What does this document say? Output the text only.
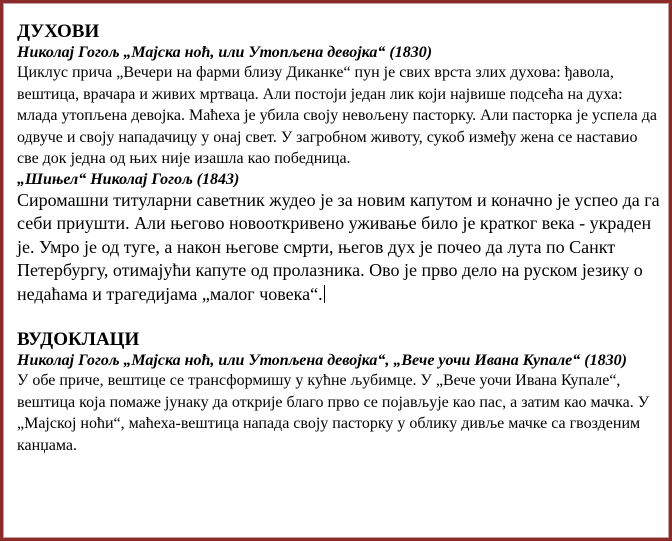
ДУХОВИ

Николај Гогољ „Мајска ноћ, или Утопљена девојка“ (1830)

Циклус прича „Вечери на фарми близу Диканке“ пун је свих врста злих духова: ђавола, вештица, врачара и живих мртваца. Али постоји један лик који највише подсећа на духа: млада утопљена девојка. Маћеха је убила своју невољену пасторку. Али пасторка је успела да одвуче и своју нападачицу у онај свет. У загробном животу, сукоб између жена се наставио све док једна од њих није изашла као победница.

„Шињел“ Николај Гогољ (1843)

Сиромашни титуларни саветник жудео је за новим капутом и коначно је успео да га себи приушти. Али његово новооткривено уживање било је кратког века - украден је. Умро је од туге, а након његове смрти, његов дух је почео да лута по Санкт Петербургу, отимајући капуте од пролазника. Ово је прво дело на руском језику о недаћама и трагедијама „малог човека“.

ВУДОКЛАЦИ

Николај Гогољ „Мајска ноћ, или Утопљена девојка“, „Вече уочи Ивана Купале“ (1830)

У обе приче, вештице се трансформишу у кућне љубимце. У „Вече уочи Ивана Купале“, вештица која помаже јунаку да открије благо прво се појављује као пас, а затим као мачка. У „Мајској ноћи“, маћеха-вештица напада своју пасторку у облику дивље мачке са гвозденим канџама.
